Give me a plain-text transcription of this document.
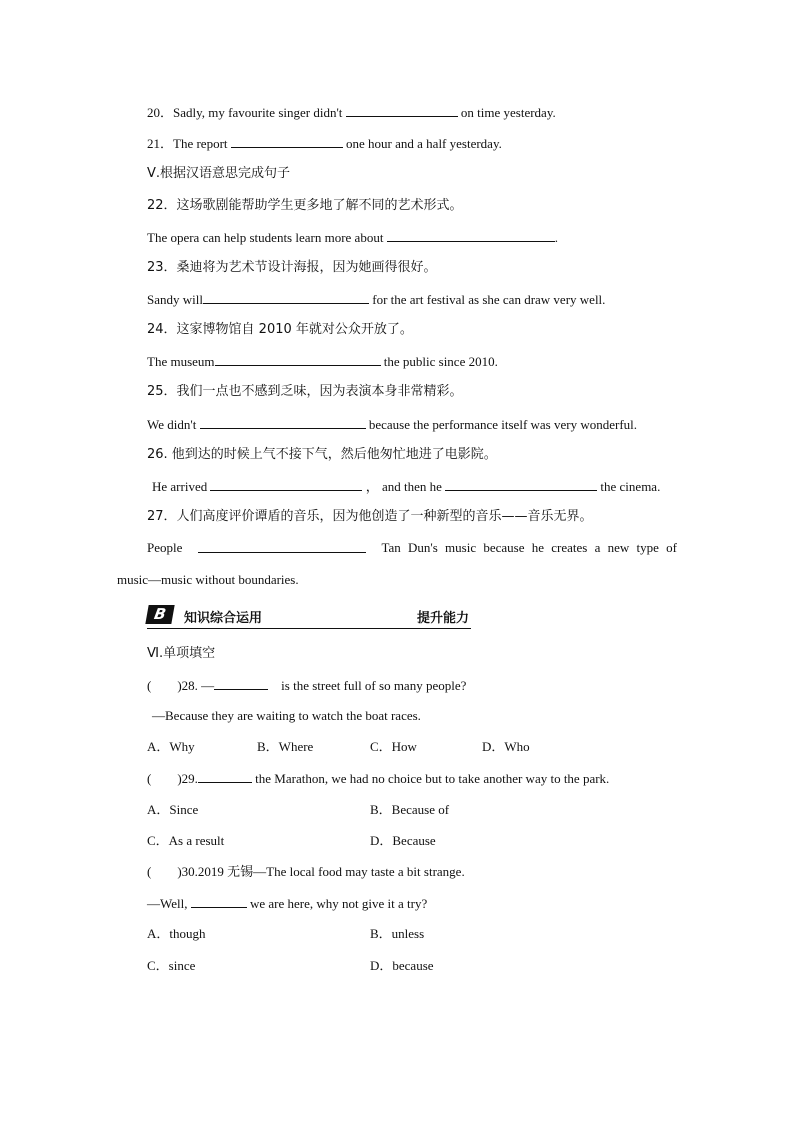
20．Sadly, my favourite singer didn't	on time yesterday.
21．The report	one hour and a half yesterday.
Ⅴ.根据汉语意思完成句子
22．这场歌剧能帮助学生更多地了解不同的艺术形式。
The opera can help students learn more about	.
23．桑迪将为艺术节设计海报，因为她画得很好。
Sandy will	for the art festival as she can draw very well.
24．这家博物馆自 2010 年就对公众开放了。
The museum	the public since 2010.
25．我们一点也不感到乏味，因为表演本身非常精彩。
We didn't	because the performance itself was very wonderful.
26. 他到达的时候上气不接下气，然后他匆忙地进了电影院。
He arrived	， and then he	the cinema.
27．人们高度评价谭盾的音乐，因为他创造了一种新型的音乐——音乐无界。
People	Tan Dun's music because he creates a new type of
music—music without boundaries.
B	知识综合运用	提升能力
Ⅵ.单项填空
(　　)28. —	is the street full of so many people?
—Because they are waiting to watch the boat races.
A．Why	B．Where	C．How	D．Who
(　　)29.	the Marathon, we had no choice but to take another way to the park.
A．Since	B．Because of
C．As a result	D．Because
(　　)30.2019 无锡—The local food may taste a bit strange.
—Well,	we are here, why not give it a try?
A．though	B．unless
C．since	D．because
